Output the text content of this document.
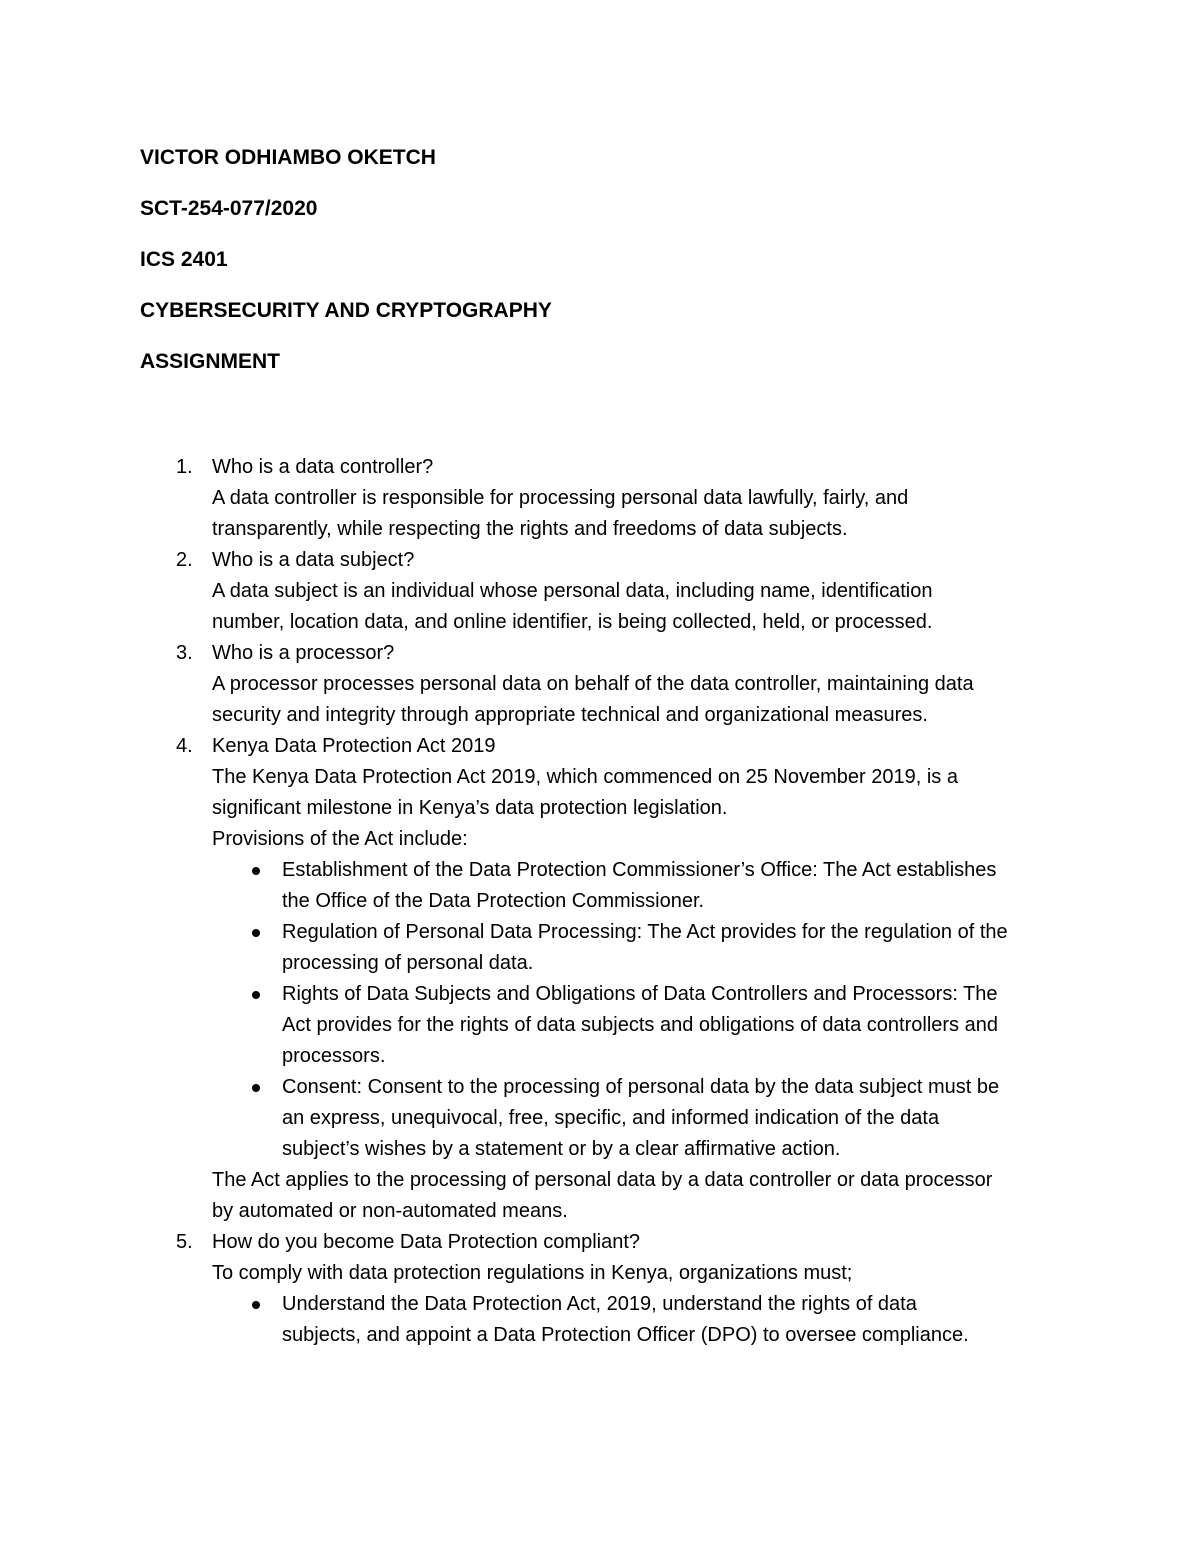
VICTOR ODHIAMBO OKETCH
SCT-254-077/2020
ICS 2401
CYBERSECURITY AND CRYPTOGRAPHY
ASSIGNMENT
1. Who is a data controller?
A data controller is responsible for processing personal data lawfully, fairly, and
transparently, while respecting the rights and freedoms of data subjects.
2. Who is a data subject?
A data subject is an individual whose personal data, including name, identification
number, location data, and online identifier, is being collected, held, or processed.
3. Who is a processor?
A processor processes personal data on behalf of the data controller, maintaining data
security and integrity through appropriate technical and organizational measures.
4. Kenya Data Protection Act 2019
The Kenya Data Protection Act 2019, which commenced on 25 November 2019, is a
significant milestone in Kenya’s data protection legislation.
Provisions of the Act include:
Establishment of the Data Protection Commissioner’s Office: The Act establishes
the Office of the Data Protection Commissioner.
Regulation of Personal Data Processing: The Act provides for the regulation of the
processing of personal data.
Rights of Data Subjects and Obligations of Data Controllers and Processors: The
Act provides for the rights of data subjects and obligations of data controllers and
processors.
Consent: Consent to the processing of personal data by the data subject must be
an express, unequivocal, free, specific, and informed indication of the data
subject’s wishes by a statement or by a clear affirmative action.
The Act applies to the processing of personal data by a data controller or data processor
by automated or non-automated means.
5. How do you become Data Protection compliant?
To comply with data protection regulations in Kenya, organizations must;
Understand the Data Protection Act, 2019, understand the rights of data
subjects, and appoint a Data Protection Officer (DPO) to oversee compliance.
